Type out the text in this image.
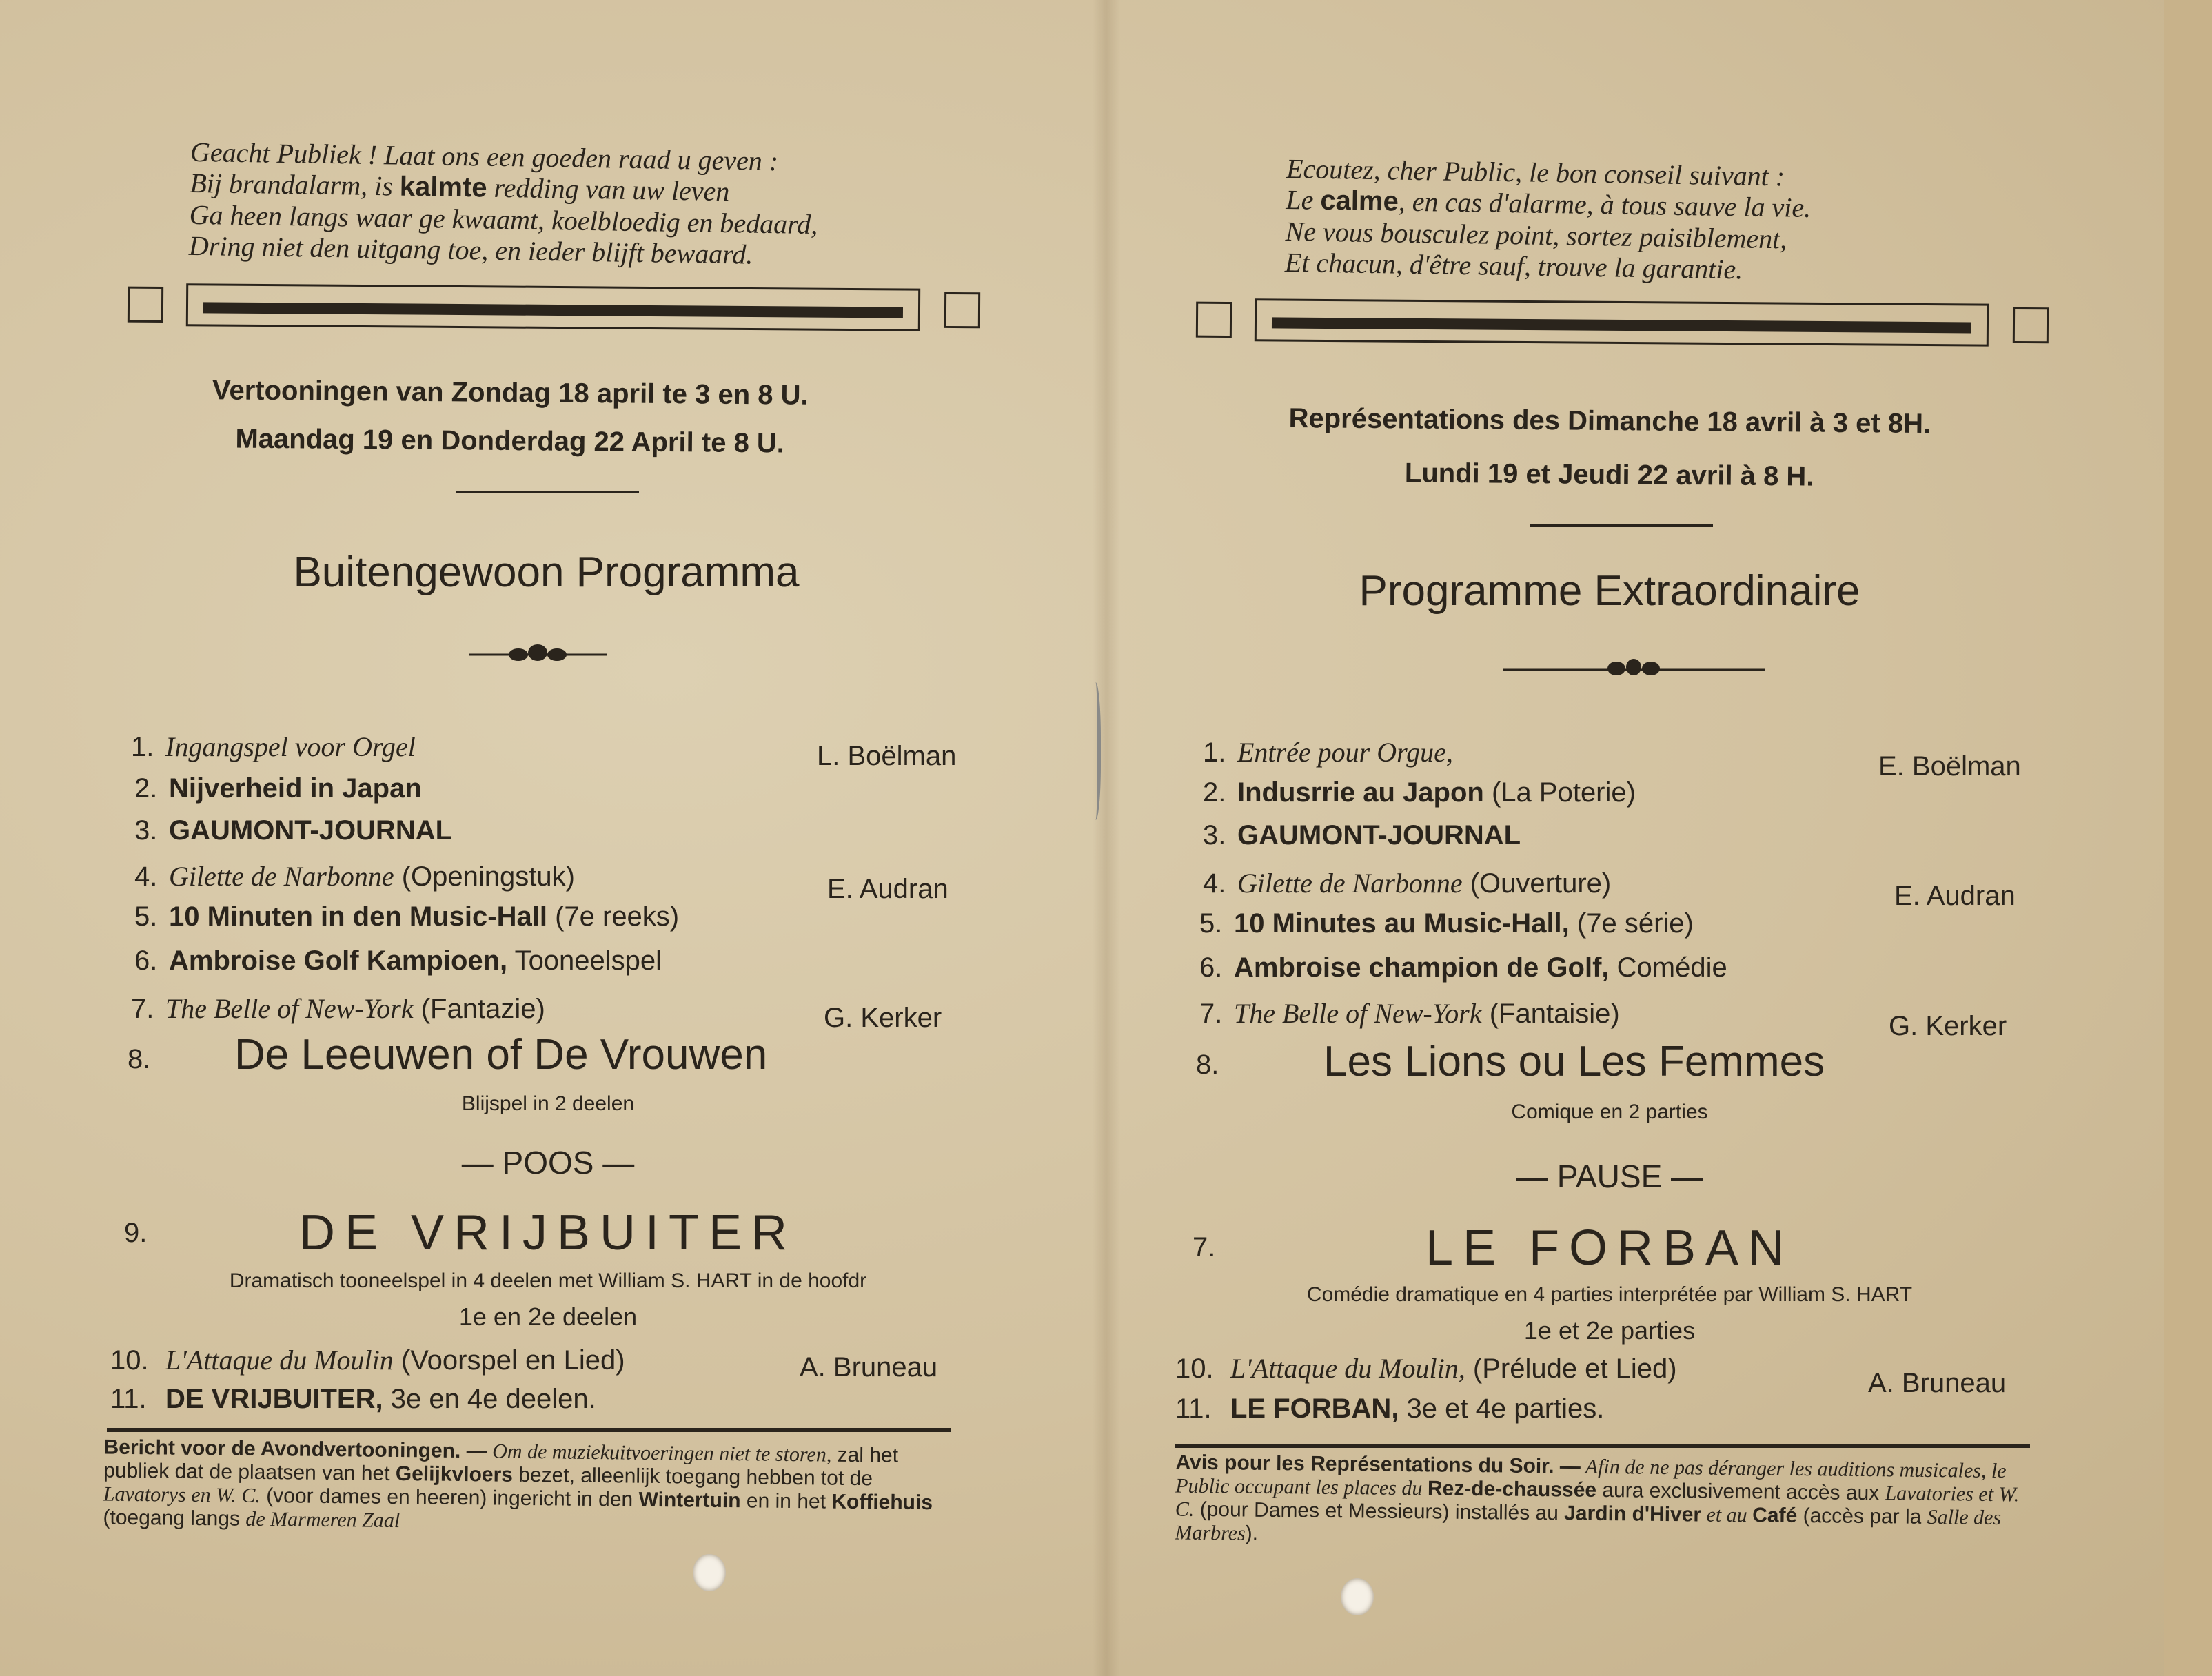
Geacht Publiek ! Laat ons een goeden raad u geven :
Bij brandalarm, is kalmte redding van uw leven
Ga heen langs waar ge kwaamt, koelbloedig en bedaard,
Dring niet den uitgang toe, en ieder blijft bewaard.
Vertooningen van Zondag 18 april te 3 en 8 U.
Maandag 19 en Donderdag 22 April te 8 U.
Buitengewoon Programma
1. Ingangspel voor Orgel	L. Boëlman
2. Nijverheid in Japan
3. GAUMONT-JOURNAL
4. Gilette de Narbonne (Openingstuk)	E. Audran
5. 10 Minuten in den Music-Hall (7e reeks)
6. Ambroise Golf Kampioen, Tooneelspel
7. The Belle of New-York (Fantazie)	G. Kerker
8. De Leeuwen of De Vrouwen
Blijspel in 2 deelen
— POOS —
9.	DE VRIJBUITER
Dramatisch tooneelspel in 4 deelen met William S. HART in de hoofdr
1e en 2e deelen
10. L'Attaque du Moulin (Voorspel en Lied)	A. Bruneau
11. DE VRIJBUITER, 3e en 4e deelen.
Bericht voor de Avondvertooningen. — Om de muziekuitvoeringen niet te storen, zal het publiek dat de plaatsen van het Gelijkvloers bezet, alleenlijk toegang hebben tot de Lavatorys en W. C. (voor dames en heeren) ingericht in den Wintertuin en in het Koffiehuis (toegang langs de Marmeren Zaal
Ecoutez, cher Public, le bon conseil suivant :
Le calme, en cas d'alarme, à tous sauve la vie.
Ne vous bousculez point, sortez paisiblement,
Et chacun, d'être sauf, trouve la garantie.
Représentations des Dimanche 18 avril à 3 et 8H.
Lundi 19 et Jeudi 22 avril à 8 H.
Programme Extraordinaire
1. Entrée pour Orgue,	E. Boëlman
2. Indusrrie au Japon (La Poterie)
3. GAUMONT-JOURNAL
4. Gilette de Narbonne (Ouverture)	E. Audran
5. 10 Minutes au Music-Hall, (7e série)
6. Ambroise champion de Golf, Comédie
7. The Belle of New-York (Fantaisie)	G. Kerker
8. Les Lions ou Les Femmes
Comique en 2 parties
— PAUSE —
7.	LE FORBAN
Comédie dramatique en 4 parties interprétée par William S. HART
1e et 2e parties
10. L'Attaque du Moulin, (Prélude et Lied)	A. Bruneau
11. LE FORBAN, 3e et 4e parties.
Avis pour les Représentations du Soir. — Afin de ne pas déranger les auditions musicales, le Public occupant les places du Rez-de-chaussée aura exclusivement accès aux Lavatories et W. C. (pour Dames et Messieurs) installés au Jardin d'Hiver et au Café (accès par la Salle des Marbres).
